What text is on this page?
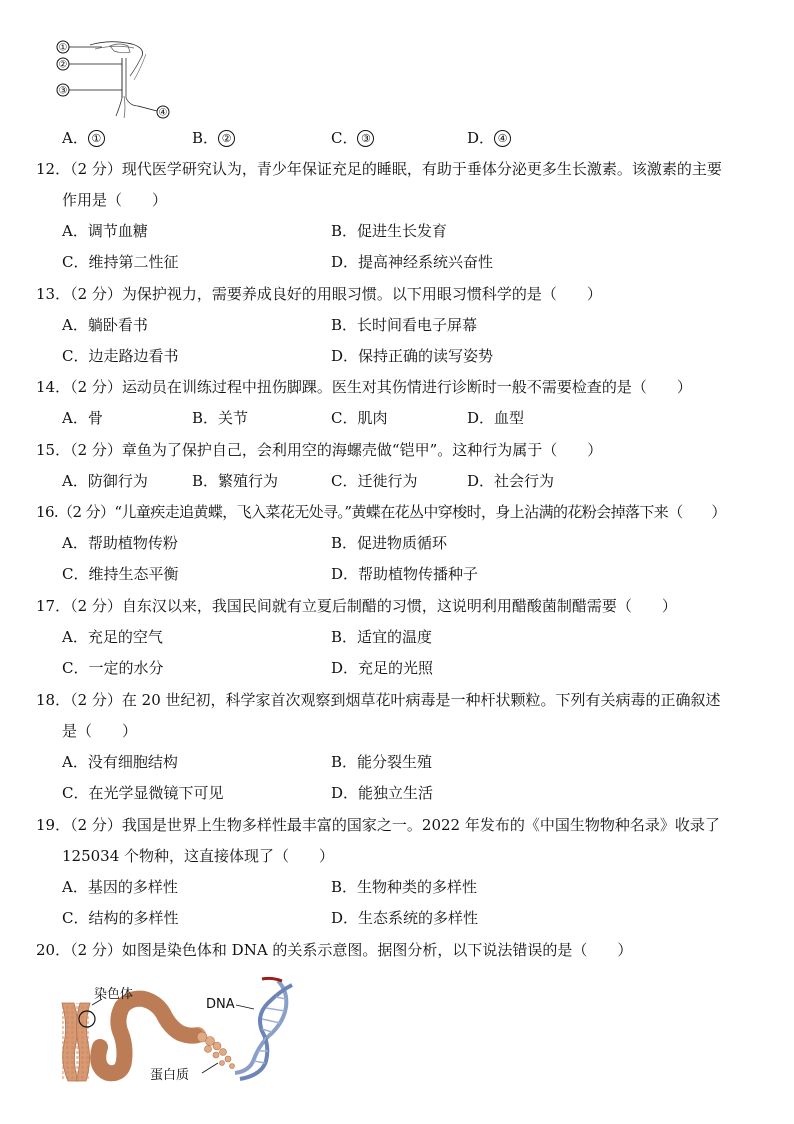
①
②
③
④
A． ①	B． ②	C． ③	D． ④
12．（2 分）现代医学研究认为，青少年保证充足的睡眠，有助于垂体分泌更多生长激素。该激素的主要
作用是（　　）
A．调节血糖	B．促进生长发育
C．维持第二性征	D．提高神经系统兴奋性
13．（2 分）为保护视力，需要养成良好的用眼习惯。以下用眼习惯科学的是（　　）
A．躺卧看书	B．长时间看电子屏幕
C．边走路边看书	D．保持正确的读写姿势
14．（2 分）运动员在训练过程中扭伤脚踝。医生对其伤情进行诊断时一般不需要检查的是（　　）
A．骨	B．关节	C．肌肉	D．血型
15．（2 分）章鱼为了保护自己，会利用空的海螺壳做“铠甲”。这种行为属于（　　）
A．防御行为	B．繁殖行为	C．迁徙行为	D．社会行为
16.（2 分）“儿童疾走追黄蝶，飞入菜花无处寻。”黄蝶在花丛中穿梭时，身上沾满的花粉会掉落下来（　　）
A．帮助植物传粉	B．促进物质循环
C．维持生态平衡	D．帮助植物传播种子
17．（2 分）自东汉以来，我国民间就有立夏后制醋的习惯，这说明利用醋酸菌制醋需要（　　）
A．充足的空气	B．适宜的温度
C．一定的水分	D．充足的光照
18．（2 分）在 20 世纪初，科学家首次观察到烟草花叶病毒是一种杆状颗粒。下列有关病毒的正确叙述
是（　　）
A．没有细胞结构	B．能分裂生殖
C．在光学显微镜下可见	D．能独立生活
19．（2 分）我国是世界上生物多样性最丰富的国家之一。2022 年发布的《中国生物物种名录》收录了
125034 个物种，这直接体现了（　　）
A．基因的多样性	B．生物种类的多样性
C．结构的多样性	D．生态系统的多样性
20．（2 分）如图是染色体和 DNA 的关系示意图。据图分析，以下说法错误的是（　　）
染色体
DNA
蛋白质
